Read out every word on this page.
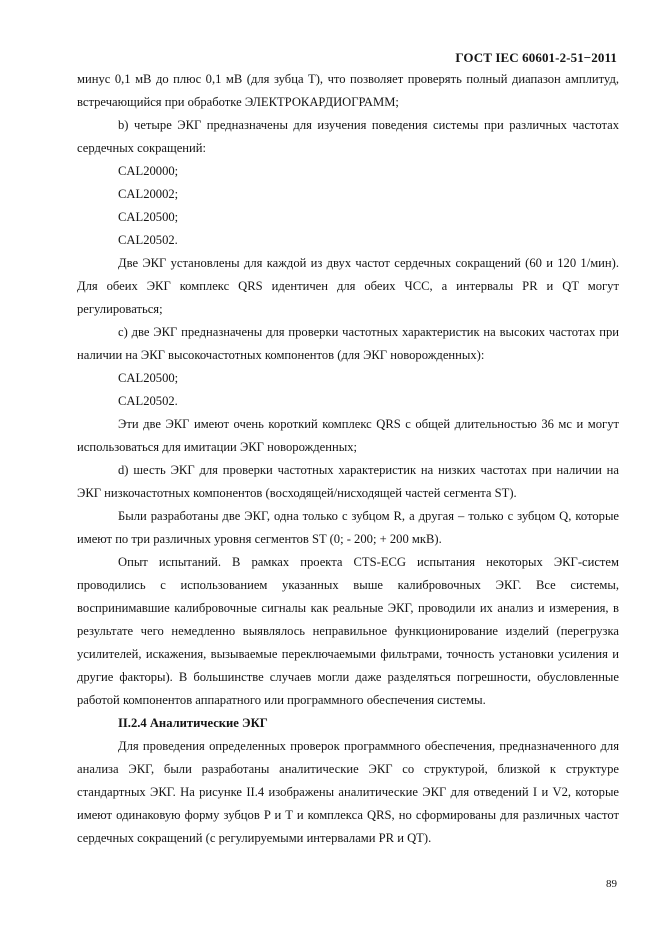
ГОСТ IEC 60601-2-51−2011

минус 0,1 мВ до плюс 0,1 мВ (для зубца T), что позволяет проверять полный диапазон амплитуд, встречающийся при обработке ЭЛЕКТРОКАРДИОГРАММ;

b) четыре ЭКГ предназначены для изучения поведения системы при различных частотах сердечных сокращений:

CAL20000;

CAL20002;

CAL20500;

CAL20502.

Две ЭКГ установлены для каждой из двух частот сердечных сокращений (60 и 120 1/мин). Для обеих ЭКГ комплекс QRS идентичен для обеих ЧСС, а интервалы PR и QT могут регулироваться;

c) две ЭКГ предназначены для проверки частотных характеристик на высоких частотах при наличии на ЭКГ высокочастотных компонентов (для ЭКГ новорожденных):

CAL20500;

CAL20502.

Эти две ЭКГ имеют очень короткий комплекс QRS с общей длительностью 36 мс и могут использоваться для имитации ЭКГ новорожденных;

d) шесть ЭКГ для проверки частотных характеристик на низких частотах при наличии на ЭКГ низкочастотных компонентов (восходящей/нисходящей частей сегмента ST).

Были разработаны две ЭКГ, одна только с зубцом R, а другая – только с зубцом Q, которые имеют по три различных уровня сегментов ST (0; - 200; + 200 мкВ).

Опыт испытаний. В рамках проекта CTS-ECG испытания некоторых ЭКГ-систем проводились с использованием указанных выше калибровочных ЭКГ. Все системы, воспринимавшие калибровочные сигналы как реальные ЭКГ, проводили их анализ и измерения, в результате чего немедленно выявлялось неправильное функционирование изделий (перегрузка усилителей, искажения, вызываемые переключаемыми фильтрами, точность установки усиления и другие факторы). В большинстве случаев могли даже разделяться погрешности, обусловленные работой компонентов аппаратного или программного обеспечения системы.

II.2.4 Аналитические ЭКГ

Для проведения определенных проверок программного обеспечения, предназначенного для анализа ЭКГ, были разработаны аналитические ЭКГ со структурой, близкой к структуре стандартных ЭКГ. На рисунке II.4 изображены аналитические ЭКГ для отведений I и V2, которые имеют одинаковую форму зубцов P и T и комплекса QRS, но сформированы для различных частот сердечных сокращений (с регулируемыми интервалами PR и QT).

89
